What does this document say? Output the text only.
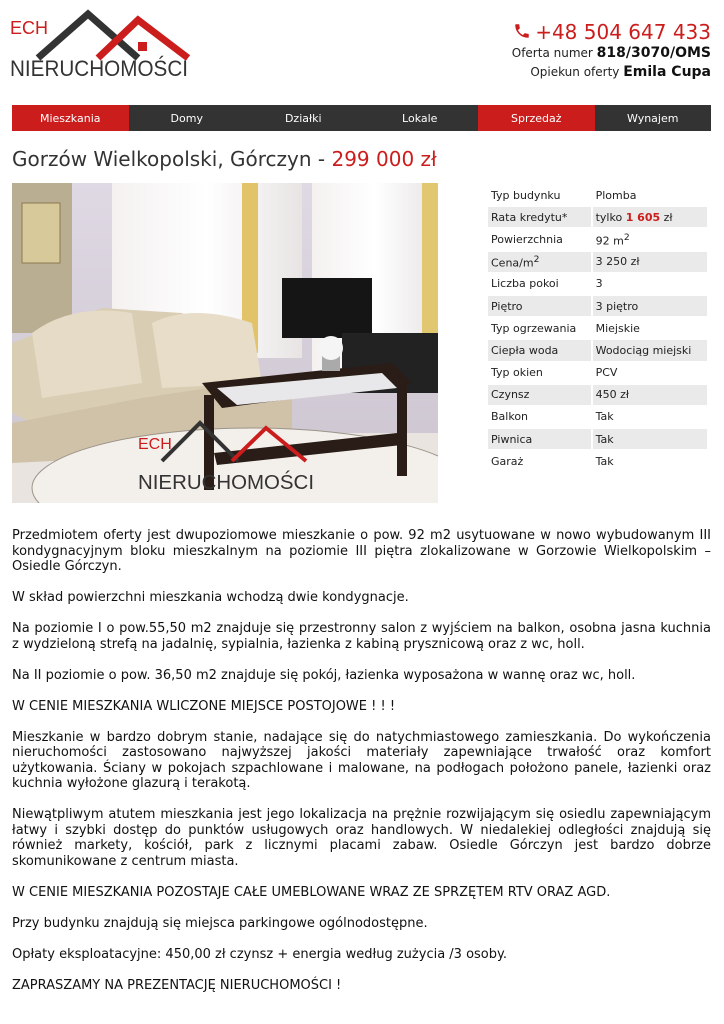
ECH
NIERUCHOMOŚCI
+48 504 647 433
Oferta numer 818/3070/OMS
Opiekun oferty Emila Cupa
Mieszkania	Domy	Działki	Lokale	Sprzedaż	Wynajem
Gorzów Wielkopolski, Górczyn - 299 000 zł
ECH
NIERUCHOMOŚCI
Typ budynku	Plomba
Rata kredytu*	tylko 1 605 zł
Powierzchnia	92 $m^2$
Cena/$m^2$	3 250 zł
Liczba pokoi	3
Piętro	3 piętro
Typ ogrzewania	Miejskie
Ciepła woda	Wodociąg miejski
Typ okien	PCV
Czynsz	450 zł
Balkon	Tak
Piwnica	Tak
Garaż	Tak

Przedmiotem oferty jest dwupoziomowe mieszkanie o pow. 92 m2 usytuowane w nowo wybudowanym III kondygnacyjnym bloku mieszkalnym na poziomie III piętra zlokalizowane w Gorzowie Wielkopolskim – Osiedle Górczyn.

W skład powierzchni mieszkania wchodzą dwie kondygnacje.

Na poziomie I o pow.55,50 m2 znajduje się przestronny salon z wyjściem na balkon, osobna jasna kuchnia z wydzieloną strefą na jadalnię, sypialnia, łazienka z kabiną prysznicową oraz z wc, holl.

Na II poziomie o pow. 36,50 m2 znajduje się pokój, łazienka wyposażona w wannę oraz wc, holl.

W CENIE MIESZKANIA WLICZONE MIEJSCE POSTOJOWE ! ! !

Mieszkanie w bardzo dobrym stanie, nadające się do natychmiastowego zamieszkania. Do wykończenia nieruchomości zastosowano najwyższej jakości materiały zapewniające trwałość oraz komfort użytkowania. Ściany w pokojach szpachlowane i malowane, na podłogach położono panele, łazienki oraz kuchnia wyłożone glazurą i terakotą.

Niewątpliwym atutem mieszkania jest jego lokalizacja na prężnie rozwijającym się osiedlu zapewniającym łatwy i szybki dostęp do punktów usługowych oraz handlowych. W niedalekiej odległości znajdują się również markety, kościół, park z licznymi placami zabaw. Osiedle Górczyn jest bardzo dobrze skomunikowane z centrum miasta.

W CENIE MIESZKANIA POZOSTAJE CAŁE UMEBLOWANE WRAZ ZE SPRZĘTEM RTV ORAZ AGD.

Przy budynku znajdują się miejsca parkingowe ogólnodostępne.

Opłaty eksploatacyjne: 450,00 zł czynsz + energia według zużycia /3 osoby.

ZAPRASZAMY NA PREZENTACJĘ NIERUCHOMOŚCI !
